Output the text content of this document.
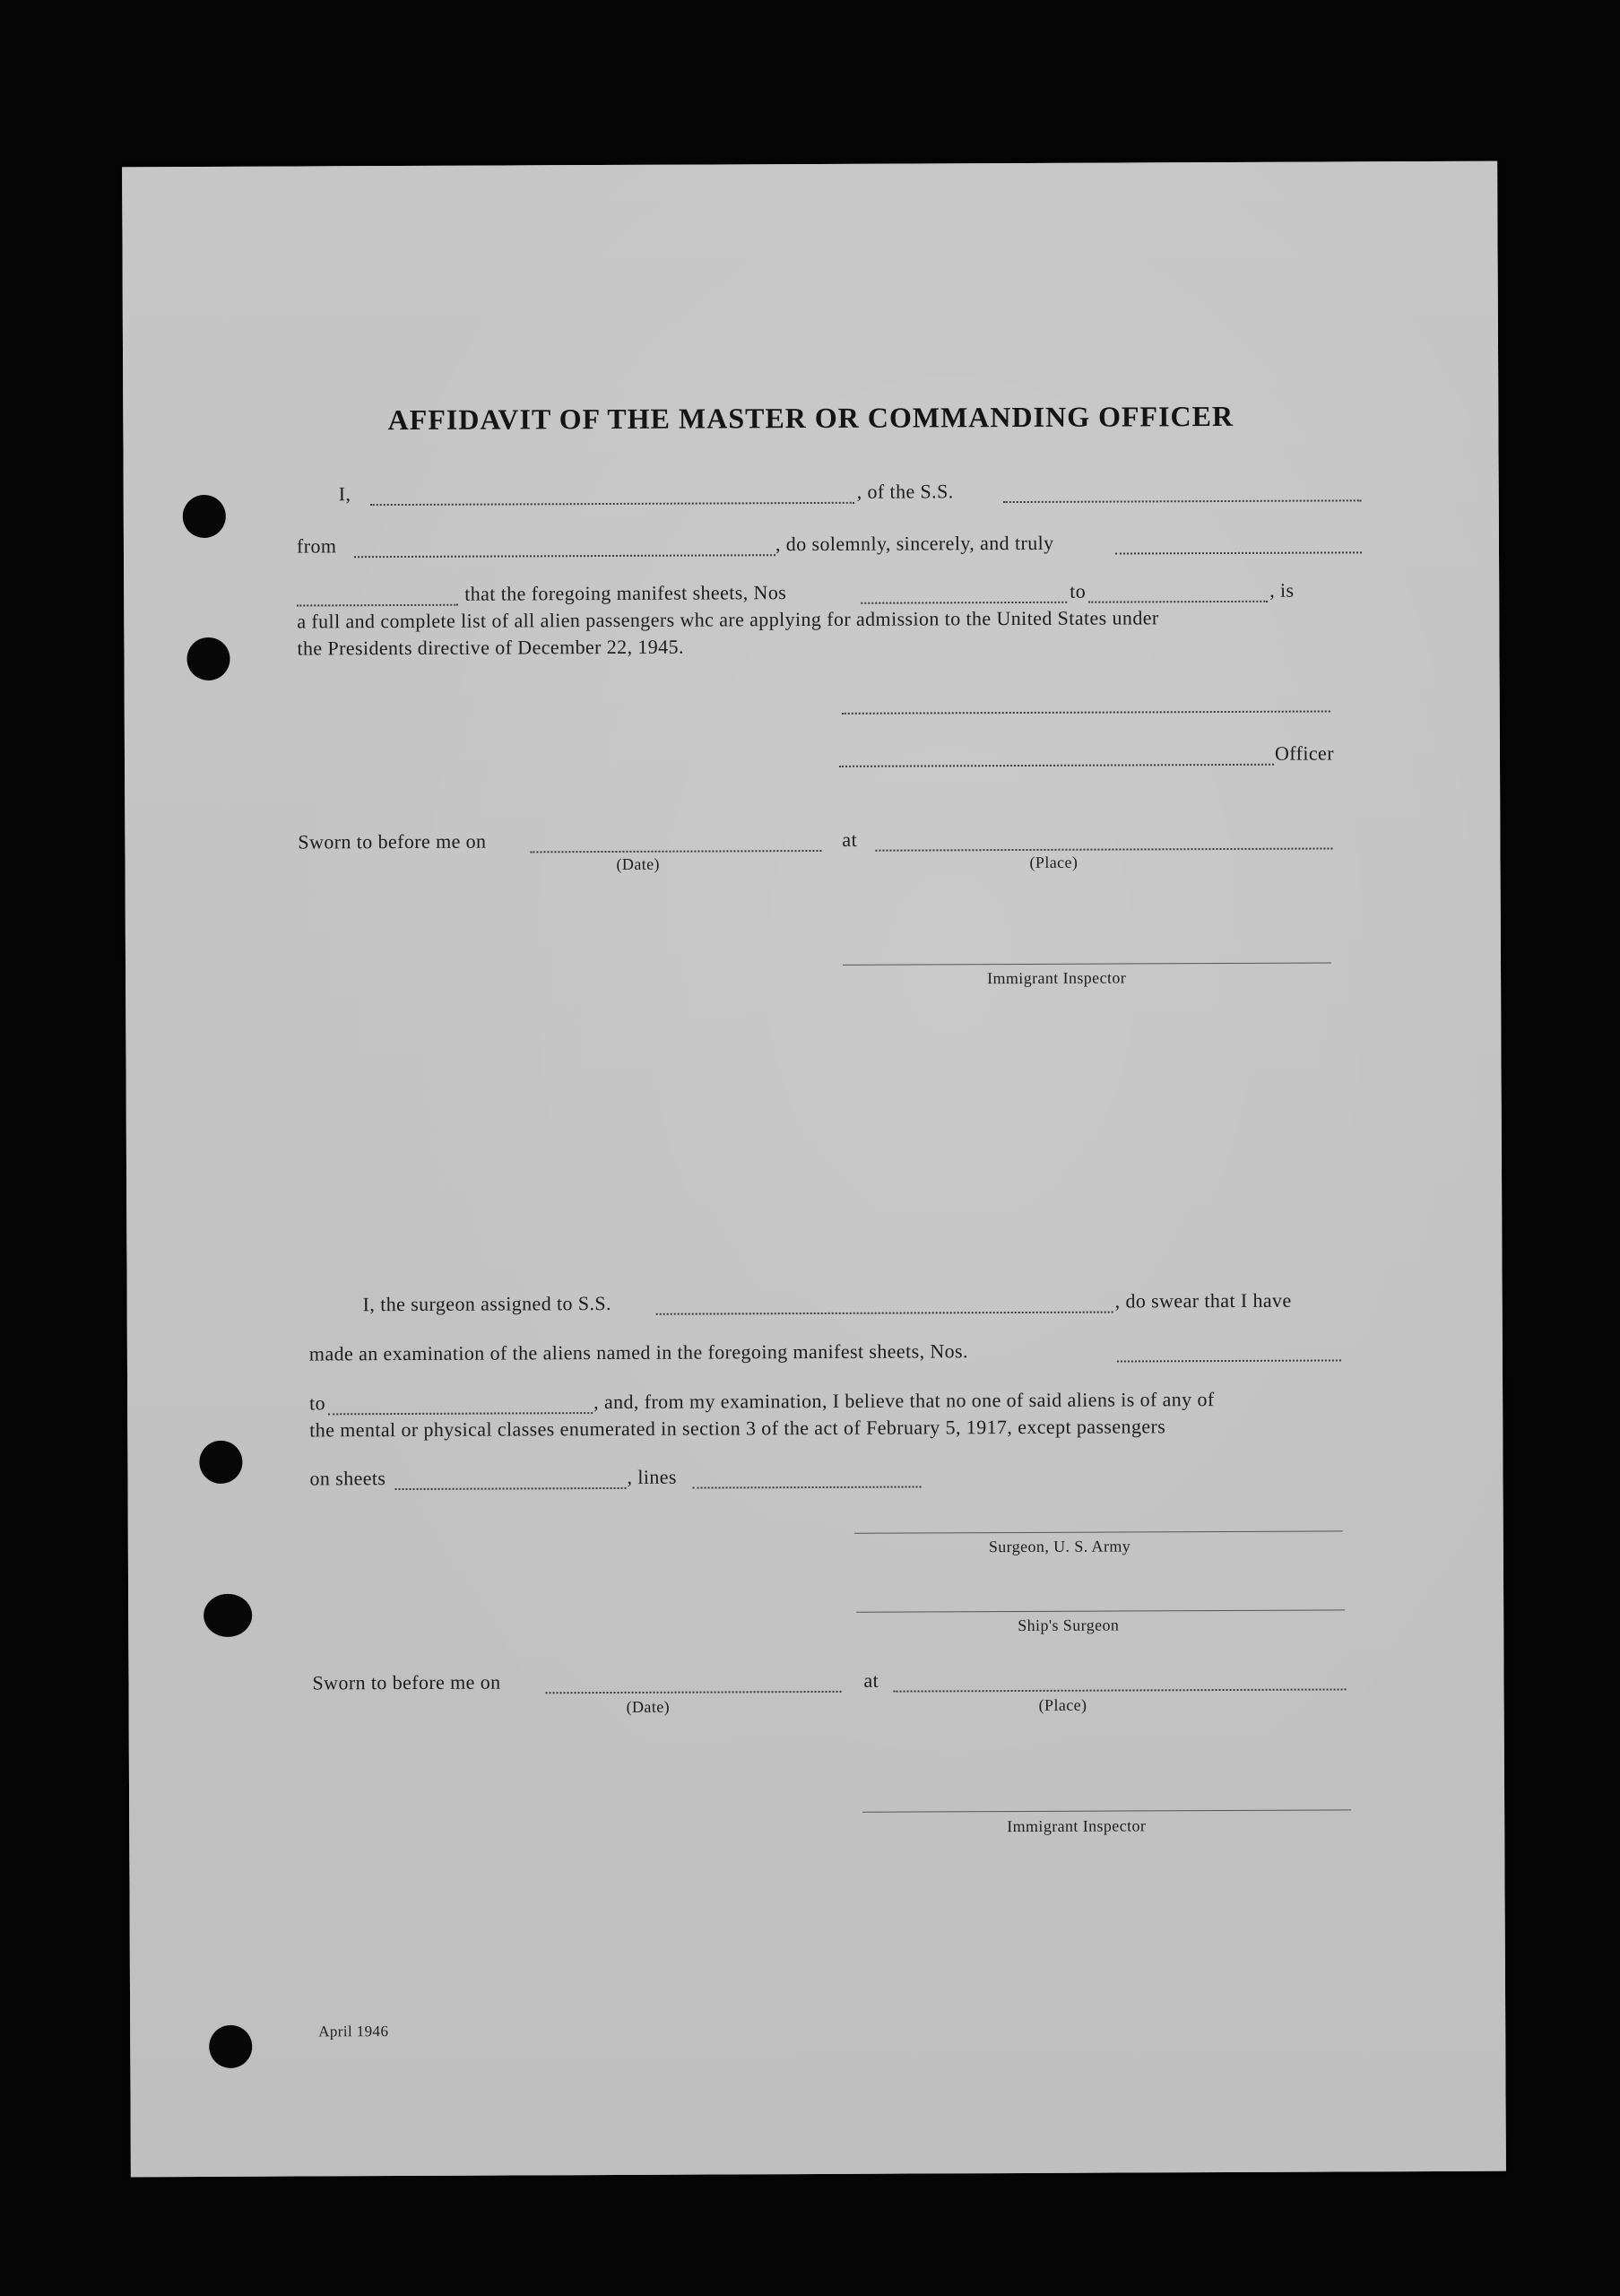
AFFIDAVIT OF THE MASTER OR COMMANDING OFFICER
I,	, of the S.S.
from	, do solemnly, sincerely, and truly
that the foregoing manifest sheets, Nos	to	, is
a full and complete list of all alien passengers whc are applying for admission to the United States under
the Presidents directive of December 22, 1945.
Officer
Sworn to before me on	at
(Date)	(Place)
Immigrant Inspector
I, the surgeon assigned to S.S.	, do swear that I have
made an examination of the aliens named in the foregoing manifest sheets, Nos.
to	, and, from my examination, I believe that no one of said aliens is of any of
the mental or physical classes enumerated in section 3 of the act of February 5, 1917, except passengers
on sheets	, lines
Surgeon, U. S. Army
Ship's Surgeon
Sworn to before me on	at
(Date)	(Place)
Immigrant Inspector
April 1946
